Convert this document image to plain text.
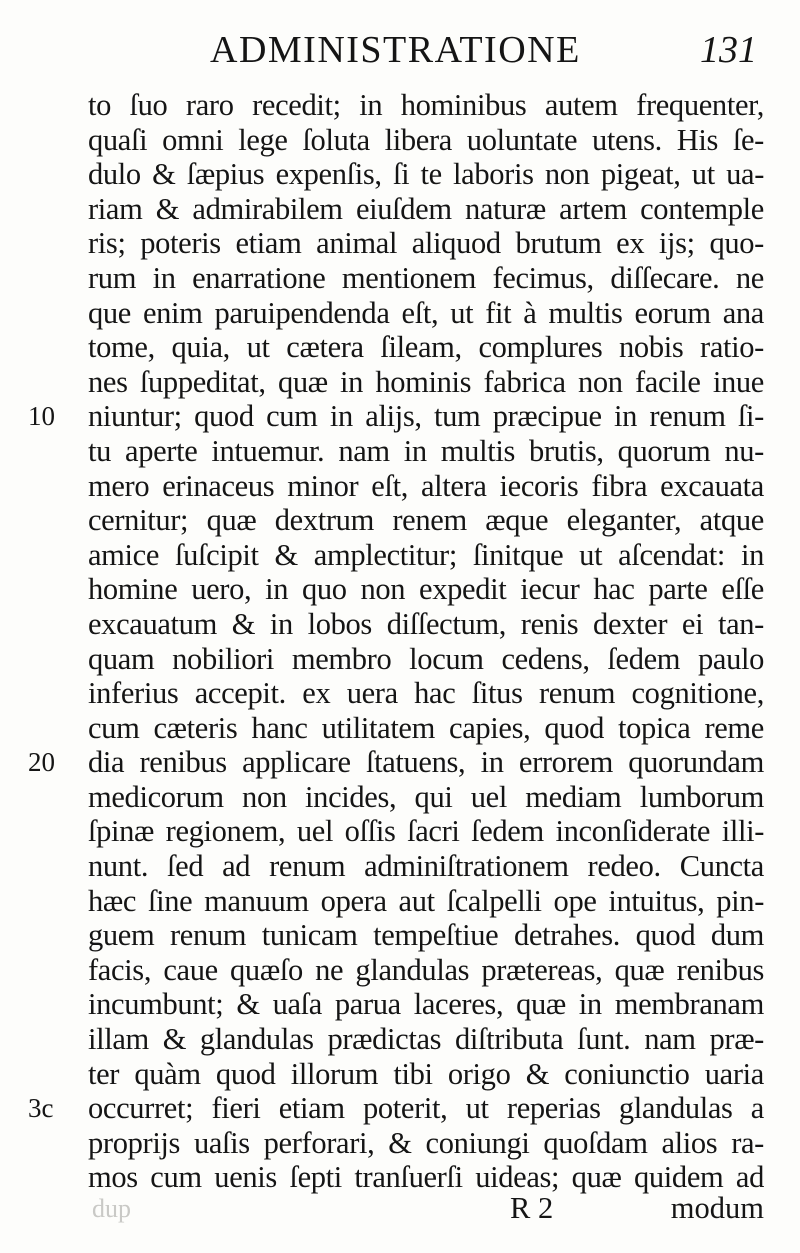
ADMINISTRATIONE	131
10
20
3c
to ſuo raro recedit; in hominibus autem frequenter,
quaſi omni lege ſoluta libera uoluntate utens. His ſe-
dulo & ſæpius expenſis, ſi te laboris non pigeat, ut ua-
riam & admirabilem eiuſdem naturæ artem contemple
ris; poteris etiam animal aliquod brutum ex ijs; quo-
rum in enarratione mentionem fecimus, diſſecare. ne
que enim paruipendenda eſt, ut fit à multis eorum ana
tome, quia, ut cætera ſileam, complures nobis ratio-
nes ſuppeditat, quæ in hominis fabrica non facile inue
niuntur; quod cum in alijs, tum præcipue in renum ſi-
tu aperte intuemur. nam in multis brutis, quorum nu-
mero erinaceus minor eſt, altera iecoris fibra excauata
cernitur; quæ dextrum renem æque eleganter, atque
amice ſuſcipit & amplectitur; ſinitque ut aſcendat: in
homine uero, in quo non expedit iecur hac parte eſſe
excauatum & in lobos diſſectum, renis dexter ei tan-
quam nobiliori membro locum cedens, ſedem paulo
inferius accepit. ex uera hac ſitus renum cognitione,
cum cæteris hanc utilitatem capies, quod topica reme
dia renibus applicare ſtatuens, in errorem quorundam
medicorum non incides, qui uel mediam lumborum
ſpinæ regionem, uel oſſis ſacri ſedem inconſiderate illi-
nunt. ſed ad renum adminiſtrationem redeo. Cuncta
hæc ſine manuum opera aut ſcalpelli ope intuitus, pin-
guem renum tunicam tempeſtiue detrahes. quod dum
facis, caue quæſo ne glandulas prætereas, quæ renibus
incumbunt; & uaſa parua laceres, quæ in membranam
illam & glandulas prædictas diſtributa ſunt. nam præ-
ter quàm quod illorum tibi origo & coniunctio uaria
occurret; fieri etiam poterit, ut reperias glandulas a
proprijs uaſis perforari, & coniungi quoſdam alios ra-
mos cum uenis ſepti tranſuerſi uideas; quæ quidem ad
dup	R 2	modum
